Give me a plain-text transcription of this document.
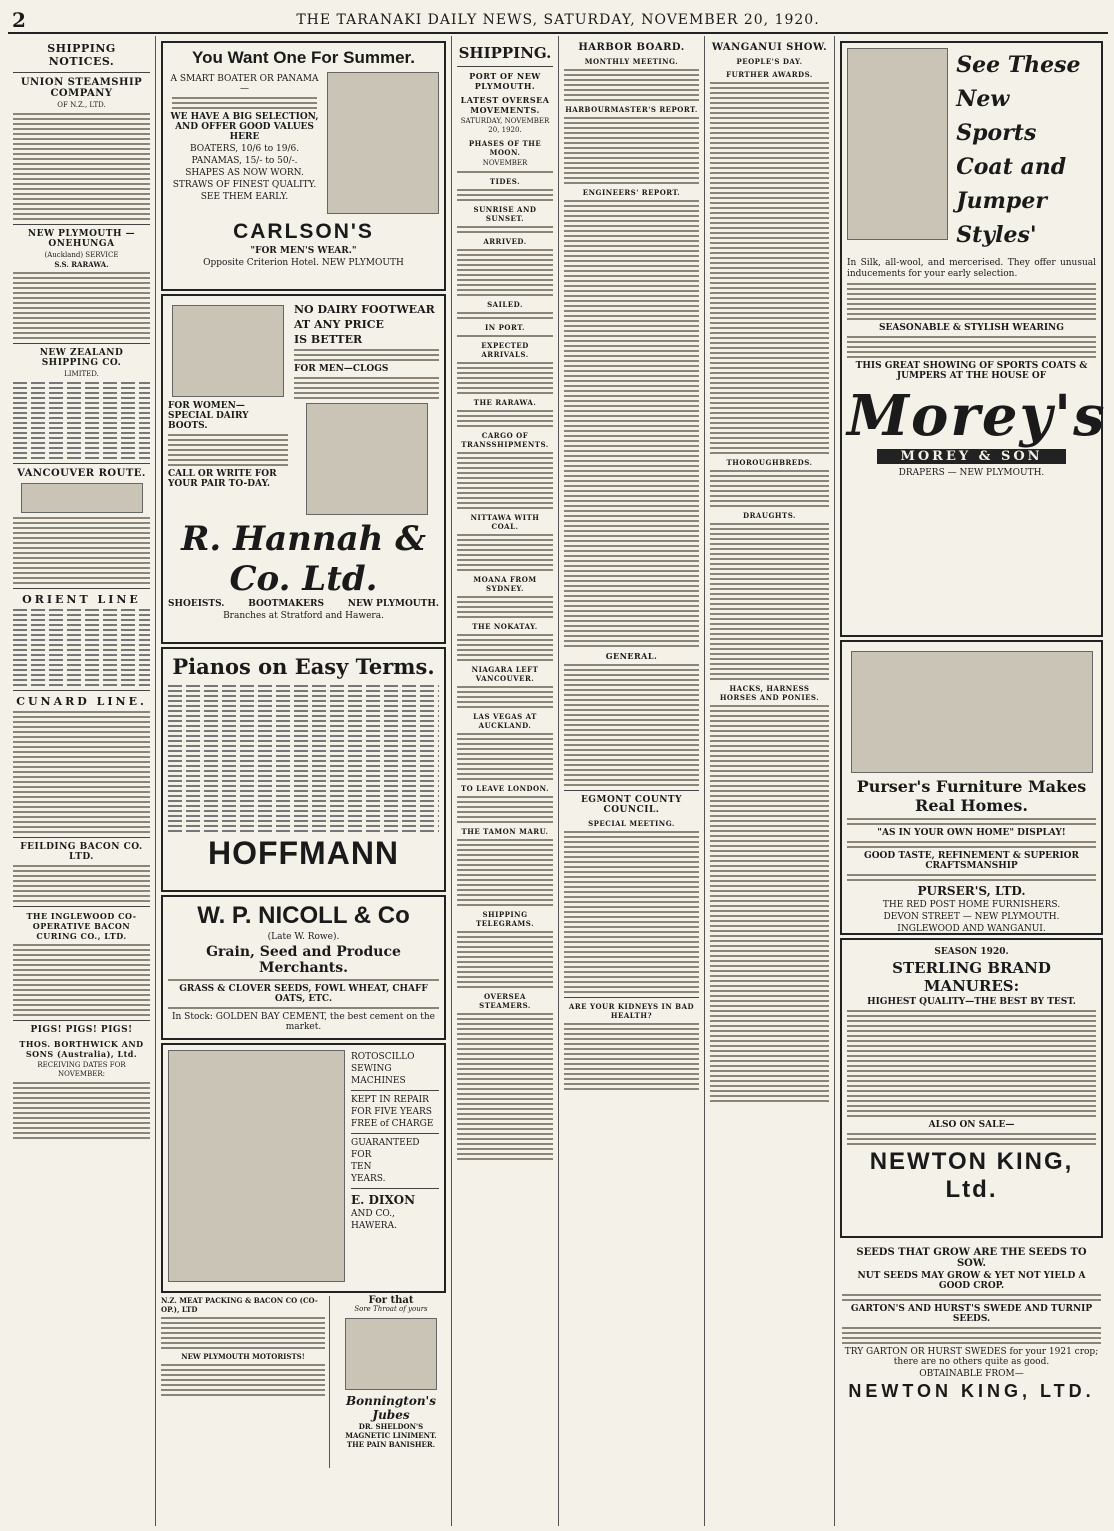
2	THE TARANAKI DAILY NEWS, SATURDAY, NOVEMBER 20, 1920.
SHIPPING NOTICES.
UNION STEAMSHIP COMPANY
OF N.Z., LTD.
NEW PLYMOUTH — ONEHUNGA
(Auckland) SERVICE
S.S. RARAWA.
NEW ZEALAND SHIPPING CO.
LIMITED.
VANCOUVER ROUTE.
ORIENT LINE
CUNARD LINE.
FEILDING BACON CO. LTD.
THE INGLEWOOD CO-OPERATIVE BACON CURING CO., LTD.
PIGS! PIGS! PIGS!
THOS. BORTHWICK AND SONS (Australia), Ltd.
RECEIVING DATES FOR NOVEMBER:
You Want One For Summer.
A SMART BOATER OR PANAMA—
WE HAVE A BIG SELECTION, AND OFFER GOOD VALUES HERE
BOATERS, 10/6 to 19/6.
PANAMAS, 15/- to 50/-.
SHAPES AS NOW WORN.
STRAWS OF FINEST QUALITY.
SEE THEM EARLY.
CARLSON'S
"FOR MEN'S WEAR."
Opposite Criterion Hotel. NEW PLYMOUTH
FOR WOMEN—SPECIAL DAIRY BOOTS.
CALL OR WRITE FOR YOUR PAIR TO-DAY.
NO DAIRY FOOTWEAR
AT ANY PRICE
IS BETTER
FOR MEN—CLOGS
R. Hannah & Co. Ltd.
SHOEISTS.	BOOTMAKERS	NEW PLYMOUTH.
Branches at Stratford and Hawera.
Pianos on Easy Terms.
HOFFMANN
W. P. NICOLL & Co
(Late W. Rowe).
Grain, Seed and Produce Merchants.
GRASS & CLOVER SEEDS, FOWL WHEAT, CHAFF OATS, ETC.
In Stock: GOLDEN BAY CEMENT, the best cement on the market.
ROTOSCILLO
SEWING
MACHINES
KEPT IN REPAIR
FOR FIVE YEARS
FREE of CHARGE
GUARANTEED
FOR
TEN
YEARS.
E. DIXON
AND CO.,
HAWERA.
N.Z. MEAT PACKING & BACON CO (CO-OP.), LTD
NEW PLYMOUTH MOTORISTS!
For that
Sore Throat of yours
Bonnington's Jubes
DR. SHELDON'S MAGNETIC LINIMENT. THE PAIN BANISHER.
SHIPPING.
PORT OF NEW PLYMOUTH.
LATEST OVERSEA MOVEMENTS.
SATURDAY, NOVEMBER 20, 1920.
PHASES OF THE MOON.
NOVEMBER
TIDES.
SUNRISE AND SUNSET.
ARRIVED.
SAILED.
IN PORT.
EXPECTED ARRIVALS.
THE RARAWA.
CARGO OF TRANSSHIPMENTS.
NITTAWA WITH COAL.
MOANA FROM SYDNEY.
THE NOKATAY.
NIAGARA LEFT VANCOUVER.
LAS VEGAS AT AUCKLAND.
TO LEAVE LONDON.
THE TAMON MARU.
SHIPPING TELEGRAMS.
OVERSEA STEAMERS.
HARBOR BOARD.
MONTHLY MEETING.
HARBOURMASTER'S REPORT.
ENGINEERS' REPORT.
GENERAL.
EGMONT COUNTY COUNCIL.
SPECIAL MEETING.
ARE YOUR KIDNEYS IN BAD HEALTH?
WANGANUI SHOW.
PEOPLE'S DAY.
FURTHER AWARDS.
THOROUGHBREDS.
DRAUGHTS.
HACKS, HARNESS HORSES AND PONIES.
See These
New Sports
Coat and
Jumper
Styles'
In Silk, all-wool, and mercerised. They offer unusual inducements for your early selection.
SEASONABLE & STYLISH WEARING
THIS GREAT SHOWING OF SPORTS COATS & JUMPERS AT THE HOUSE OF
Morey's
MOREY & SON
DRAPERS — NEW PLYMOUTH.
Purser's Furniture Makes Real Homes.
"AS IN YOUR OWN HOME" DISPLAY!
GOOD TASTE, REFINEMENT & SUPERIOR CRAFTSMANSHIP
PURSER'S, LTD.
THE RED POST HOME FURNISHERS.
DEVON STREET — NEW PLYMOUTH.
INGLEWOOD AND WANGANUI.
SEASON 1920.
STERLING BRAND MANURES:
HIGHEST QUALITY—THE BEST BY TEST.
ALSO ON SALE—
NEWTON KING, Ltd.
SEEDS THAT GROW ARE THE SEEDS TO SOW.
NUT SEEDS MAY GROW & YET NOT YIELD A GOOD CROP.
GARTON'S AND HURST'S SWEDE AND TURNIP SEEDS.
TRY GARTON OR HURST SWEDES for your 1921 crop; there are no others quite as good.
OBTAINABLE FROM—
NEWTON KING, LTD.
